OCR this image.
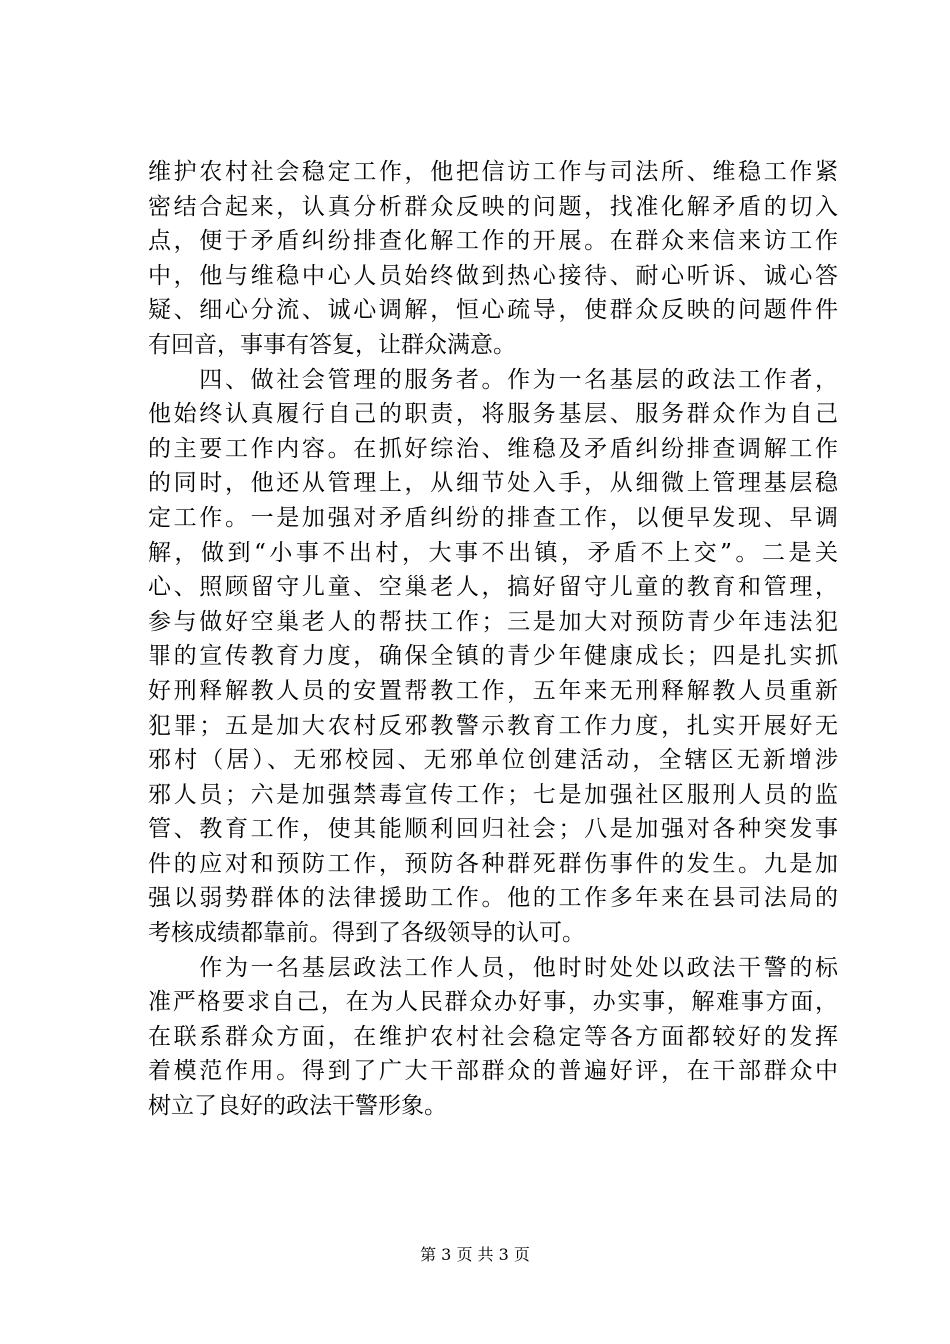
维护农村社会稳定工作，他把信访工作与司法所、维稳工作紧
密结合起来，认真分析群众反映的问题，找准化解矛盾的切入
点，便于矛盾纠纷排查化解工作的开展。在群众来信来访工作
中，他与维稳中心人员始终做到热心接待、耐心听诉、诚心答
疑、细心分流、诚心调解，恒心疏导，使群众反映的问题件件
有回音，事事有答复，让群众满意。
　　四、做社会管理的服务者。作为一名基层的政法工作者，
他始终认真履行自己的职责，将服务基层、服务群众作为自己
的主要工作内容。在抓好综治、维稳及矛盾纠纷排查调解工作
的同时，他还从管理上，从细节处入手，从细微上管理基层稳
定工作。一是加强对矛盾纠纷的排查工作，以便早发现、早调
解，做到“小事不出村，大事不出镇，矛盾不上交”。二是关
心、照顾留守儿童、空巢老人，搞好留守儿童的教育和管理，
参与做好空巢老人的帮扶工作；三是加大对预防青少年违法犯
罪的宣传教育力度，确保全镇的青少年健康成长；四是扎实抓
好刑释解教人员的安置帮教工作，五年来无刑释解教人员重新
犯罪；五是加大农村反邪教警示教育工作力度，扎实开展好无
邪村（居）、无邪校园、无邪单位创建活动，全辖区无新增涉
邪人员；六是加强禁毒宣传工作；七是加强社区服刑人员的监
管、教育工作，使其能顺利回归社会；八是加强对各种突发事
件的应对和预防工作，预防各种群死群伤事件的发生。九是加
强以弱势群体的法律援助工作。他的工作多年来在县司法局的
考核成绩都靠前。得到了各级领导的认可。
　　作为一名基层政法工作人员，他时时处处以政法干警的标
准严格要求自己，在为人民群众办好事，办实事，解难事方面，
在联系群众方面，在维护农村社会稳定等各方面都较好的发挥
着模范作用。得到了广大干部群众的普遍好评，在干部群众中
树立了良好的政法干警形象。
第 3 页 共 3 页
